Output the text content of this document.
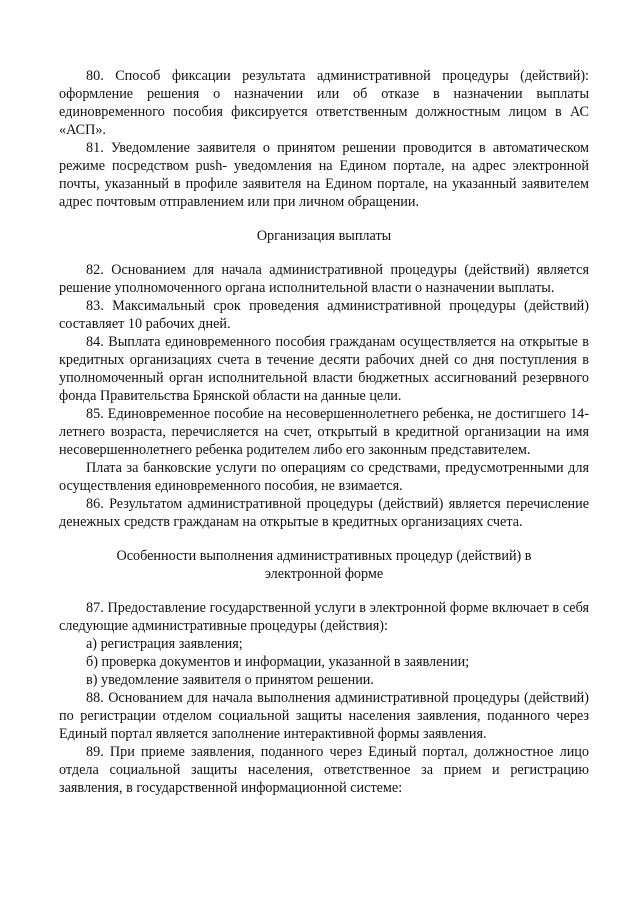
80. Способ фиксации результата административной процедуры (действий): оформление решения о назначении или об отказе в назначении выплаты единовременного пособия фиксируется ответственным должностным лицом в АС «АСП».

81. Уведомление заявителя о принятом решении проводится в автоматическом режиме посредством push- уведомления на Едином портале, на адрес электронной почты, указанный в профиле заявителя на Едином портале, на указанный заявителем адрес почтовым отправлением или при личном обращении.

Организация выплаты

82. Основанием для начала административной процедуры (действий) является решение уполномоченного органа исполнительной власти о назначении выплаты.

83. Максимальный срок проведения административной процедуры (действий) составляет 10 рабочих дней.

84. Выплата единовременного пособия гражданам осуществляется на открытые в кредитных организациях счета в течение десяти рабочих дней со дня поступления в уполномоченный орган исполнительной власти бюджетных ассигнований резервного фонда Правительства Брянской области на данные цели.

85. Единовременное пособие на несовершеннолетнего ребенка, не достигшего 14-летнего возраста, перечисляется на счет, открытый в кредитной организации на имя несовершеннолетнего ребенка родителем либо его законным представителем.

Плата за банковские услуги по операциям со средствами, предусмотренными для осуществления единовременного пособия, не взимается.

86. Результатом административной процедуры (действий) является перечисление денежных средств гражданам на открытые в кредитных организациях счета.

Особенности выполнения административных процедур (действий) в

электронной форме

87. Предоставление государственной услуги в электронной форме включает в себя следующие административные процедуры (действия):

а) регистрация заявления;

б) проверка документов и информации, указанной в заявлении;

в) уведомление заявителя о принятом решении.

88. Основанием для начала выполнения административной процедуры (действий) по регистрации отделом социальной защиты населения заявления, поданного через Единый портал является заполнение интерактивной формы заявления.

89. При приеме заявления, поданного через Единый портал, должностное лицо отдела социальной защиты населения, ответственное за прием и регистрацию заявления, в государственной информационной системе:
